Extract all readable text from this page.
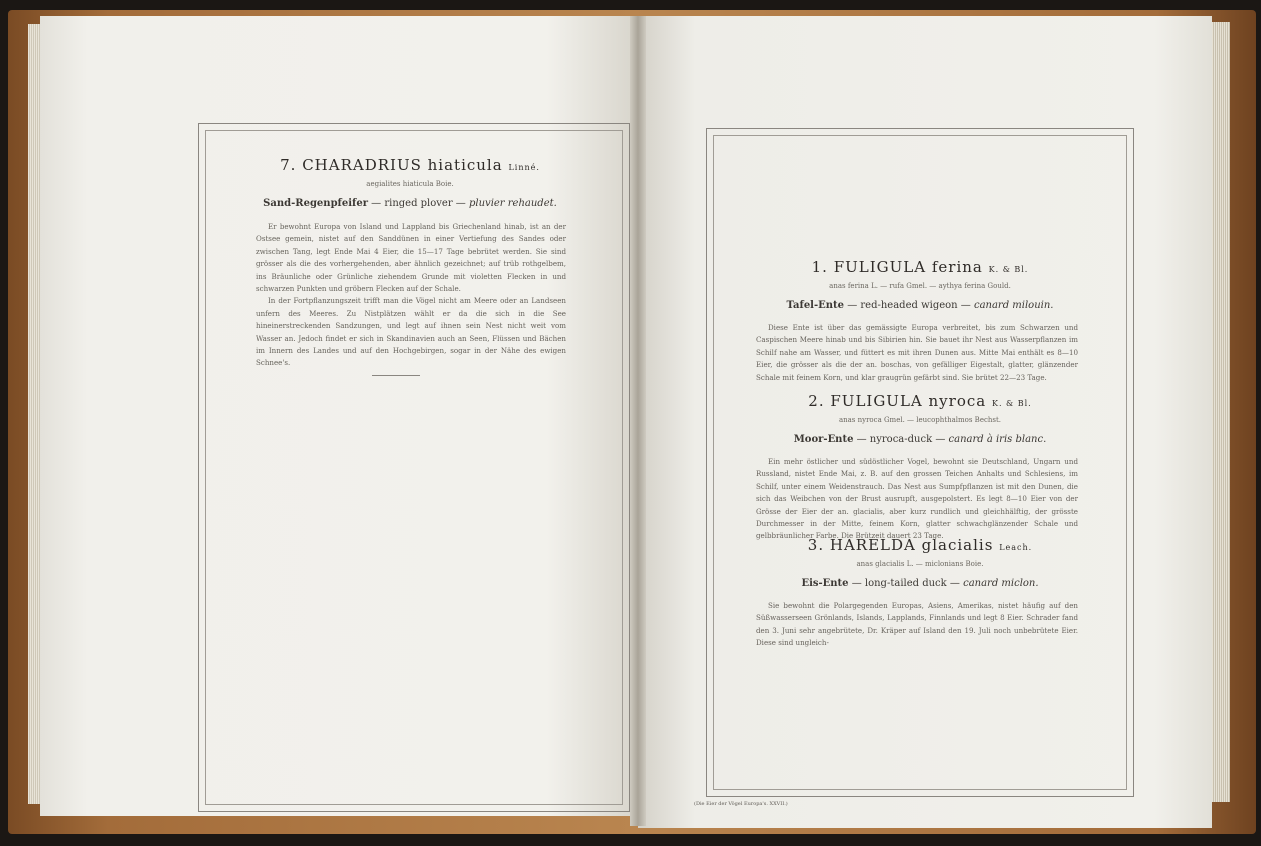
7. CHARADRIUS hiaticula Linné.
aegialites hiaticula Boie.
Sand-Regenpfeifer — ringed plover — pluvier rehaudet.

Er bewohnt Europa von Island und Lappland bis Griechenland hinab, ist an der Ostsee gemein, nistet auf den Sanddünen in einer Vertiefung des Sandes oder zwischen Tang, legt Ende Mai 4 Eier, die 15—17 Tage bebrütet werden. Sie sind grösser als die des vorhergehenden, aber ähnlich gezeichnet; auf trüb rothgelbem, ins Bräunliche oder Grünliche ziehendem Grunde mit violetten Flecken in und schwarzen Punkten und gröbern Flecken auf der Schale.

In der Fortpflanzungszeit trifft man die Vögel nicht am Meere oder an Landseen unfern des Meeres. Zu Nistplätzen wählt er da die sich in die See hineinerstreckenden Sandzungen, und legt auf ihnen sein Nest nicht weit vom Wasser an. Jedoch findet er sich in Skandinavien auch an Seen, Flüssen und Bächen im Innern des Landes und auf den Hochgebirgen, sogar in der Nähe des ewigen Schnee's.

1. FULIGULA ferina K. & Bl.
anas ferina L. — rufa Gmel. — aythya ferina Gould.
Tafel-Ente — red-headed wigeon — canard milouin.

Diese Ente ist über das gemässigte Europa verbreitet, bis zum Schwarzen und Caspischen Meere hinab und bis Sibirien hin. Sie bauet ihr Nest aus Wasserpflanzen im Schilf nahe am Wasser, und füttert es mit ihren Dunen aus. Mitte Mai enthält es 8—10 Eier, die grösser als die der an. boschas, von gefälliger Eigestalt, glatter, glänzender Schale mit feinem Korn, und klar graugrün gefärbt sind. Sie brütet 22—23 Tage.

2. FULIGULA nyroca K. & Bl.
anas nyroca Gmel. — leucophthalmos Bechst.
Moor-Ente — nyroca-duck — canard à iris blanc.

Ein mehr östlicher und südöstlicher Vogel, bewohnt sie Deutschland, Ungarn und Russland, nistet Ende Mai, z. B. auf den grossen Teichen Anhalts und Schlesiens, im Schilf, unter einem Weidenstrauch. Das Nest aus Sumpfpflanzen ist mit den Dunen, die sich das Weibchen von der Brust ausrupft, ausgepolstert. Es legt 8—10 Eier von der Grösse der Eier der an. glacialis, aber kurz rundlich und gleichhälftig, der grösste Durchmesser in der Mitte, feinem Korn, glatter schwachglänzender Schale und gelbbräunlicher Farbe. Die Brützeit dauert 23 Tage.

3. HARELDA glacialis Leach.
anas glacialis L. — miclonians Boie.
Eis-Ente — long-tailed duck — canard miclon.

Sie bewohnt die Polargegenden Europas, Asiens, Amerikas, nistet häufig auf den Süßwasserseen Grönlands, Islands, Lapplands, Finnlands und legt 8 Eier. Schrader fand den 3. Juni sehr angebrütete, Dr. Kräper auf Island den 19. Juli noch unbebrütete Eier. Diese sind ungleich-

(Die Eier der Vögel Europa's. XXVII.)
